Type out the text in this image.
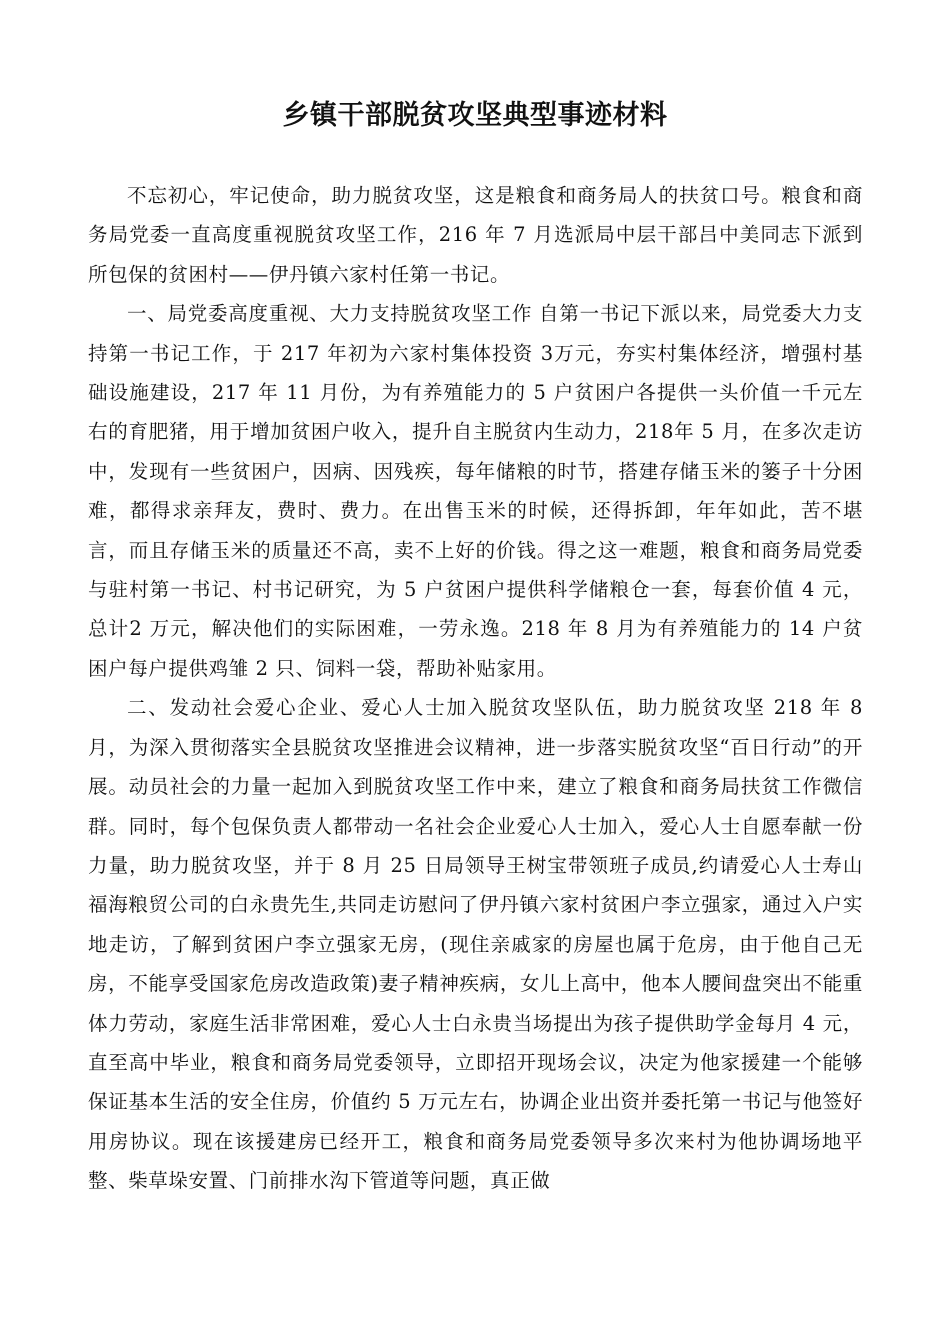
乡镇干部脱贫攻坚典型事迹材料

不忘初心，牢记使命，助力脱贫攻坚，这是粮食和商务局人的扶贫口号。粮食和商务局党委一直高度重视脱贫攻坚工作，216 年 7 月选派局中层干部吕中美同志下派到所包保的贫困村——伊丹镇六家村任第一书记。

一、局党委高度重视、大力支持脱贫攻坚工作 自第一书记下派以来，局党委大力支持第一书记工作，于 217 年初为六家村集体投资 3万元，夯实村集体经济，增强村基础设施建设，217 年 11 月份，为有养殖能力的 5 户贫困户各提供一头价值一千元左右的育肥猪，用于增加贫困户收入，提升自主脱贫内生动力，218年 5 月，在多次走访中，发现有一些贫困户，因病、因残疾，每年储粮的时节，搭建存储玉米的篓子十分困难，都得求亲拜友，费时、费力。在出售玉米的时候，还得拆卸，年年如此，苦不堪言，而且存储玉米的质量还不高，卖不上好的价钱。得之这一难题，粮食和商务局党委与驻村第一书记、村书记研究，为 5 户贫困户提供科学储粮仓一套，每套价值 4 元，总计2 万元，解决他们的实际困难，一劳永逸。218 年 8 月为有养殖能力的 14 户贫困户每户提供鸡雏 2 只、饲料一袋，帮助补贴家用。

二、发动社会爱心企业、爱心人士加入脱贫攻坚队伍，助力脱贫攻坚 218 年 8 月，为深入贯彻落实全县脱贫攻坚推进会议精神，进一步落实脱贫攻坚“百日行动”的开展。动员社会的力量一起加入到脱贫攻坚工作中来，建立了粮食和商务局扶贫工作微信群。同时，每个包保负责人都带动一名社会企业爱心人士加入，爱心人士自愿奉献一份力量，助力脱贫攻坚，并于 8 月 25 日局领导王树宝带领班子成员,约请爱心人士寿山福海粮贸公司的白永贵先生,共同走访慰问了伊丹镇六家村贫困户李立强家，通过入户实地走访，了解到贫困户李立强家无房，(现住亲戚家的房屋也属于危房，由于他自己无房，不能享受国家危房改造政策)妻子精神疾病，女儿上高中，他本人腰间盘突出不能重体力劳动，家庭生活非常困难，爱心人士白永贵当场提出为孩子提供助学金每月 4 元，直至高中毕业，粮食和商务局党委领导，立即招开现场会议，决定为他家援建一个能够保证基本生活的安全住房，价值约 5 万元左右，协调企业出资并委托第一书记与他签好用房协议。现在该援建房已经开工，粮食和商务局党委领导多次来村为他协调场地平整、柴草垛安置、门前排水沟下管道等问题，真正做
